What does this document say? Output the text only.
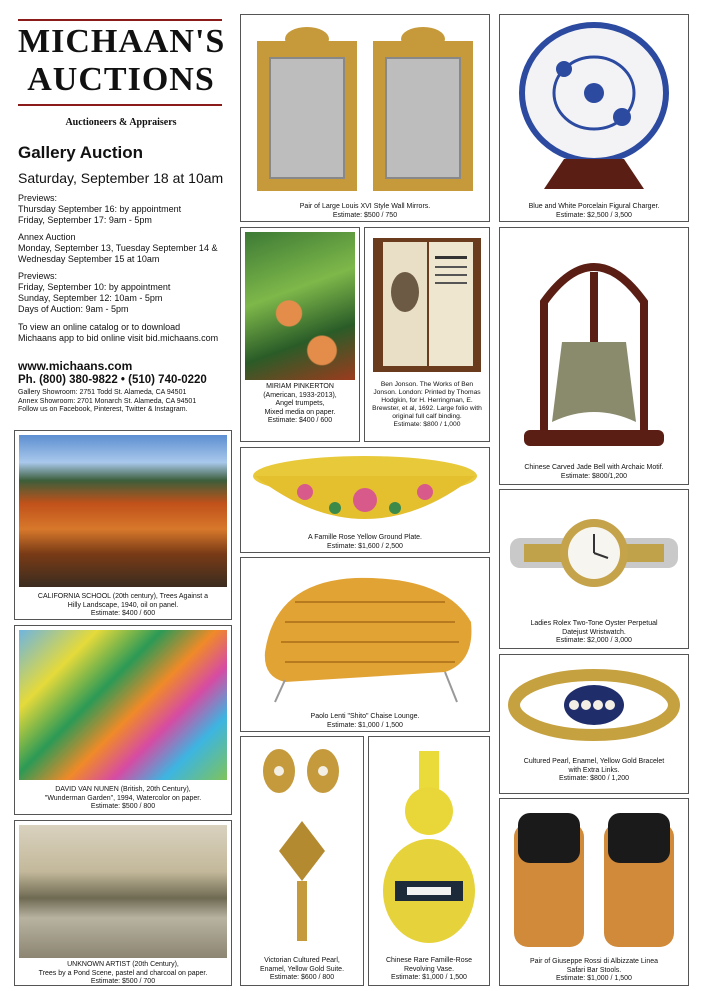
MICHAAN'S
AUCTIONS
Auctioneers & Appraisers
Gallery Auction
Saturday, September 18 at 10am
Previews:
Thursday September 16: by appointment
Friday, September 17: 9am - 5pm
Annex Auction
Monday, September 13, Tuesday September 14 &
Wednesday September 15 at 10am
Previews:
Friday, September 10: by appointment
Sunday, September 12: 10am - 5pm
Days of Auction: 9am - 5pm
To view an online catalog or to download
Michaans app to bid online visit bid.michaans.com
www.michaans.com
Ph. (800) 380-9822 • (510) 740-0220
Gallery Showroom: 2751 Todd St. Alameda, CA 94501
Annex Showroom: 2701 Monarch St. Alameda, CA 94501
Follow us on Facebook, Pinterest, Twitter & Instagram.
CALIFORNIA SCHOOL (20th century), Trees Against a
Hilly Landscape, 1940, oil on panel.
Estimate: $400 / 600
DAVID VAN NUNEN (British, 20th Century),
"Wunderman Garden", 1994, Watercolor on paper.
Estimate: $500 / 800
UNKNOWN ARTIST (20th Century),
Trees by a Pond Scene, pastel and charcoal on paper.
Estimate: $500 / 700
Pair of Large Louis XVI Style Wall Mirrors.
Estimate: $500 / 750
Blue and White Porcelain Figural Charger.
Estimate: $2,500 / 3,500
MIRIAM PINKERTON
(American, 1933-2013),
Angel trumpets,
Mixed media on paper.
Estimate: $400 / 600
Ben Jonson. The Works of Ben
Jonson. London: Printed by Thomas
Hodgkin, for H. Herringman, E.
Brewster, et al, 1692. Large folio with
original full calf binding.
Estimate: $800 / 1,000
Chinese Carved Jade Bell with Archaic Motif.
Estimate: $800/1,200
A Famille Rose Yellow Ground Plate.
Estimate: $1,600 / 2,500
Ladies Rolex Two-Tone Oyster Perpetual
Datejust Wristwatch.
Estimate: $2,000 / 3,000
Paolo Lenti "Shito" Chaise Lounge.
Estimate: $1,000 / 1,500
Cultured Pearl, Enamel, Yellow Gold Bracelet
with Extra Links.
Estimate: $800 / 1,200
Victorian Cultured Pearl,
Enamel, Yellow Gold Suite.
Estimate: $600 / 800
Chinese Rare Famille-Rose
Revolving Vase.
Estimate: $1,000 / 1,500
Pair of Giuseppe Rossi di Albizzate Linea
Safari Bar Stools.
Estimate: $1,000 / 1,500
